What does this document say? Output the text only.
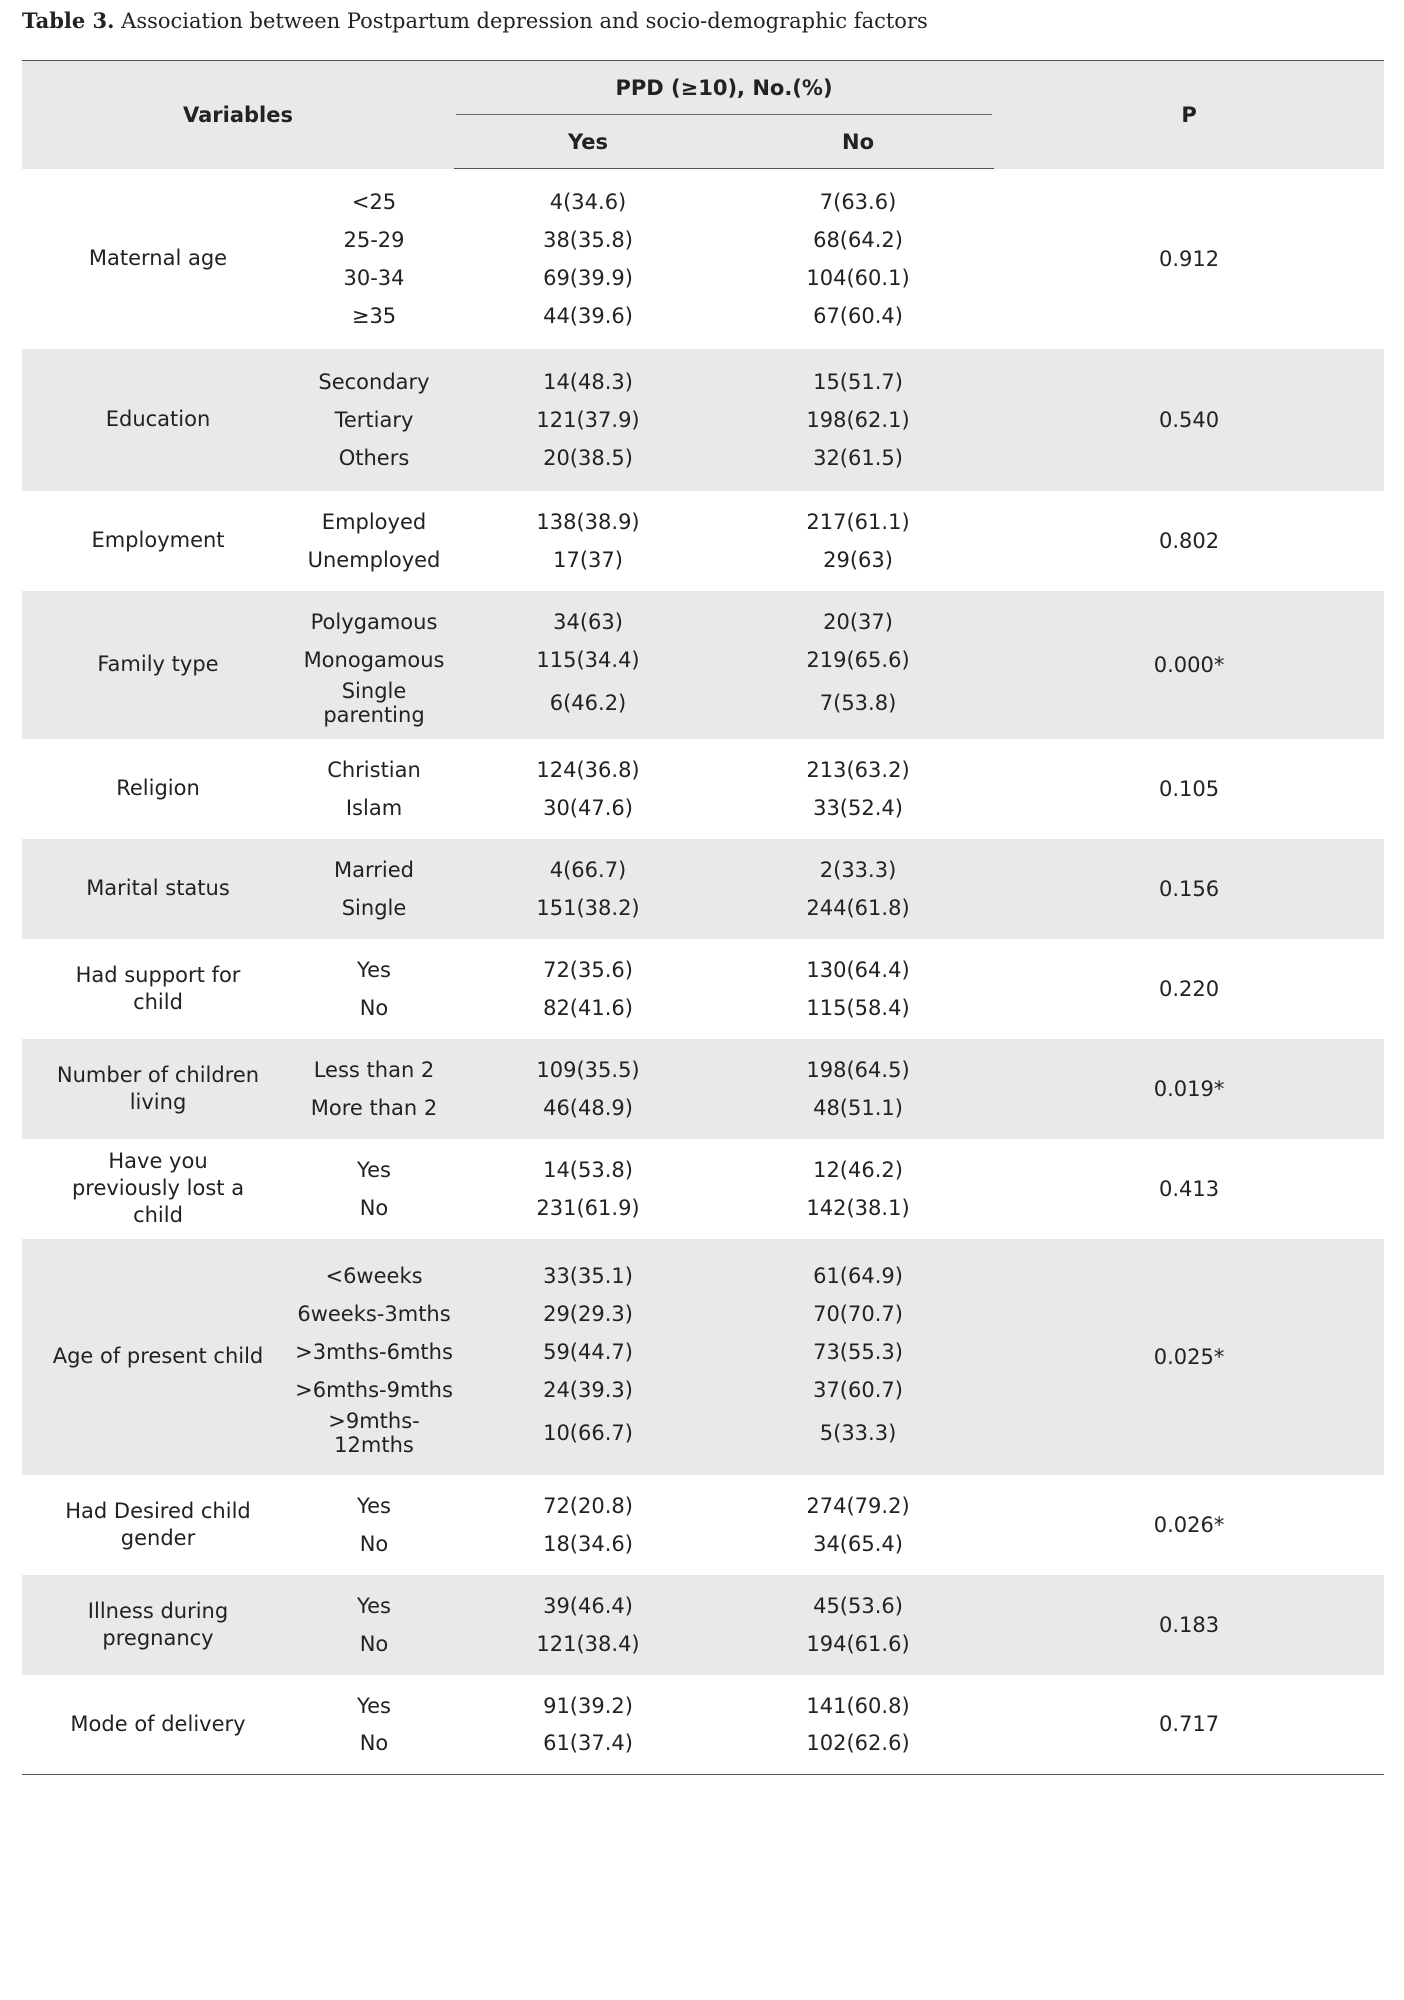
Table 3. Association between Postpartum depression and socio-demographic factors
Variables		PPD (≥10), No.(%)		P
		Yes	No	
Maternal age	<25	4(34.6)	7(63.6)	0.912
	25-29	38(35.8)	68(64.2)	
	30-34	69(39.9)	104(60.1)	
	≥35	44(39.6)	67(60.4)	
Education	Secondary	14(48.3)	15(51.7)	0.540
	Tertiary	121(37.9)	198(62.1)	
	Others	20(38.5)	32(61.5)	
Employment	Employed	138(38.9)	217(61.1)	0.802
	Unemployed	17(37)	29(63)	
Family type	Polygamous	34(63)	20(37)	0.000*
	Monogamous	115(34.4)	219(65.6)	
	Single parenting	6(46.2)	7(53.8)	
Religion	Christian	124(36.8)	213(63.2)	0.105
	Islam	30(47.6)	33(52.4)	
Marital status	Married	4(66.7)	2(33.3)	0.156
	Single	151(38.2)	244(61.8)	
Had support for child	Yes	72(35.6)	130(64.4)	0.220
	No	82(41.6)	115(58.4)	
Number of children living	Less than 2	109(35.5)	198(64.5)	0.019*
	More than 2	46(48.9)	48(51.1)	
Have you previously lost a child	Yes	14(53.8)	12(46.2)	0.413
	No	231(61.9)	142(38.1)	
Age of present child	<6weeks	33(35.1)	61(64.9)	0.025*
	6weeks-3mths	29(29.3)	70(70.7)	
	>3mths-6mths	59(44.7)	73(55.3)	
	>6mths-9mths	24(39.3)	37(60.7)	
	>9mths-12mths	10(66.7)	5(33.3)	
Had Desired child gender	Yes	72(20.8)	274(79.2)	0.026*
	No	18(34.6)	34(65.4)	
Illness during pregnancy	Yes	39(46.4)	45(53.6)	0.183
	No	121(38.4)	194(61.6)	
Mode of delivery	Yes	91(39.2)	141(60.8)	0.717
	No	61(37.4)	102(62.6)	
